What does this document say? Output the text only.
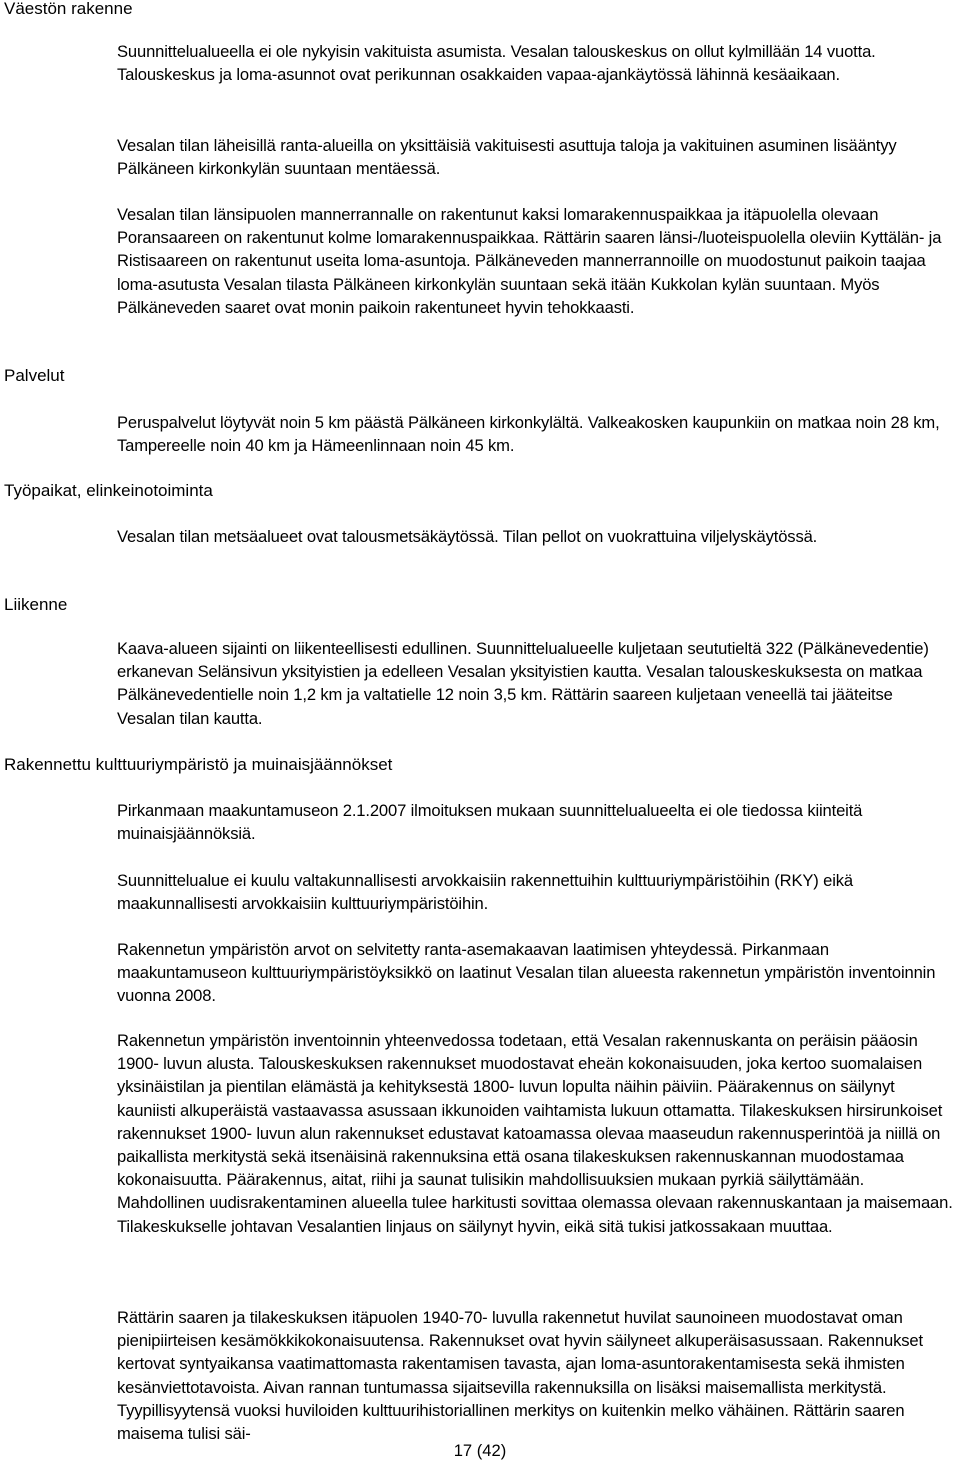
Väestön rakenne

Suunnittelualueella ei ole nykyisin vakituista asumista. Vesalan talouskeskus on ollut kylmillään 14 vuotta. Talouskeskus ja loma-asunnot ovat perikunnan osakkaiden vapaa-ajankäytössä lähinnä kesäaikaan.

Vesalan tilan läheisillä ranta-alueilla on yksittäisiä vakituisesti asuttuja taloja ja vakituinen asuminen lisääntyy Pälkäneen kirkonkylän suuntaan mentäessä.

Vesalan tilan länsipuolen mannerrannalle on rakentunut kaksi lomarakennuspaikkaa ja itäpuolella olevaan Poransaareen on rakentunut kolme lomarakennuspaikkaa. Rättärin saaren länsi-/luoteispuolella oleviin Kyttälän- ja Ristisaareen on rakentunut useita loma-asuntoja. Pälkäneveden mannerrannoille on muodostunut paikoin taajaa loma-asutusta Vesalan tilasta Pälkäneen kirkonkylän suuntaan sekä itään Kukkolan kylän suuntaan. Myös Pälkäneveden saaret ovat monin paikoin rakentuneet hyvin tehokkaasti.

Palvelut

Peruspalvelut löytyvät noin 5 km päästä Pälkäneen kirkonkylältä. Valkeakosken kaupunkiin on matkaa noin 28 km, Tampereelle noin 40 km ja Hämeenlinnaan noin 45 km.

Työpaikat, elinkeinotoiminta

Vesalan tilan metsäalueet ovat talousmetsäkäytössä. Tilan pellot on vuokrattuina viljelyskäytössä.

Liikenne

Kaava-alueen sijainti on liikenteellisesti edullinen. Suunnittelualueelle kuljetaan seututieltä 322 (Pälkänevedentie) erkanevan Selänsivun yksityistien ja edelleen Vesalan yksityistien kautta. Vesalan talouskeskuksesta on matkaa Pälkänevedentielle noin 1,2 km ja valtatielle 12 noin 3,5 km. Rättärin saareen kuljetaan veneellä tai jääteitse Vesalan tilan kautta.

Rakennettu kulttuuriympäristö ja muinaisjäännökset

Pirkanmaan maakuntamuseon 2.1.2007 ilmoituksen mukaan suunnittelualueelta ei ole tiedossa kiinteitä muinaisjäännöksiä.

Suunnittelualue ei kuulu valtakunnallisesti arvokkaisiin rakennettuihin kulttuuriympäristöihin (RKY) eikä maakunnallisesti arvokkaisiin kulttuuriympäristöihin.

Rakennetun ympäristön arvot on selvitetty ranta-asemakaavan laatimisen yhteydessä. Pirkanmaan maakuntamuseon kulttuuriympäristöyksikkö on laatinut Vesalan tilan alueesta rakennetun ympäristön inventoinnin vuonna 2008.

Rakennetun ympäristön inventoinnin yhteenvedossa todetaan, että Vesalan rakennuskanta on peräisin pääosin 1900- luvun alusta. Talouskeskuksen rakennukset muodostavat eheän kokonaisuuden, joka kertoo suomalaisen yksinäistilan ja pientilan elämästä ja kehityksestä 1800- luvun lopulta näihin päiviin. Päärakennus on säilynyt kauniisti alkuperäistä vastaavassa asussaan ikkunoiden vaihtamista lukuun ottamatta. Tilakeskuksen hirsirunkoiset rakennukset 1900- luvun alun rakennukset edustavat katoamassa olevaa maaseudun rakennusperintöä ja niillä on paikallista merkitystä sekä itsenäisinä rakennuksina että osana tilakeskuksen rakennuskannan muodostamaa kokonaisuutta. Päärakennus, aitat, riihi ja saunat tulisikin mahdollisuuksien mukaan pyrkiä säilyttämään. Mahdollinen uudisrakentaminen alueella tulee harkitusti sovittaa olemassa olevaan rakennuskantaan ja maisemaan. Tilakeskukselle johtavan Vesalantien linjaus on säilynyt hyvin, eikä sitä tukisi jatkossakaan muuttaa.

Rättärin saaren ja tilakeskuksen itäpuolen 1940-70- luvulla rakennetut huvilat saunoineen muodostavat oman pienipiirteisen kesämökkikokonaisuutensa. Rakennukset ovat hyvin säilyneet alkuperäisasussaan. Rakennukset kertovat syntyaikansa vaatimattomasta rakentamisen tavasta, ajan loma-asuntorakentamisesta sekä ihmisten kesänviettotavoista. Aivan rannan tuntumassa sijaitsevilla rakennuksilla on lisäksi maisemallista merkitystä. Tyypillisyytensä vuoksi huviloiden kulttuurihistoriallinen merkitys on kuitenkin melko vähäinen. Rättärin saaren maisema tulisi säi-

17 (42)
